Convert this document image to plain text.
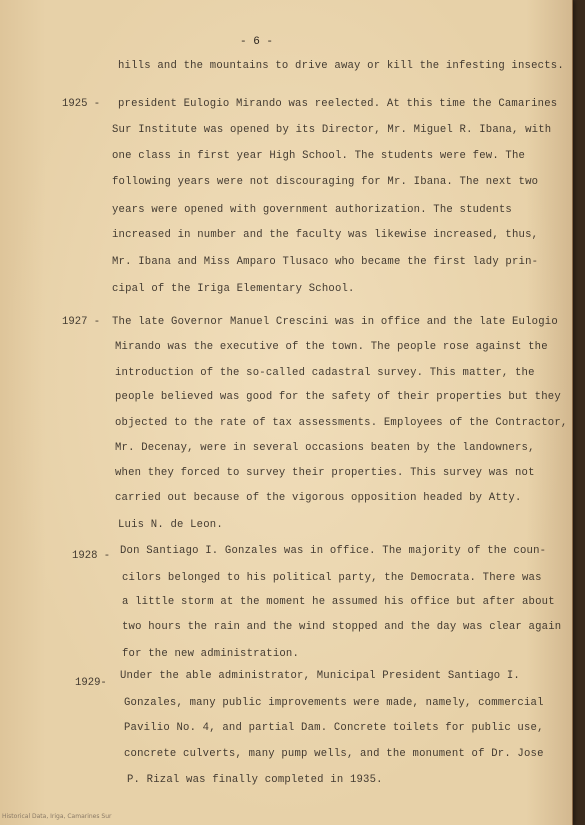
- 6 -
hills and the mountains to drive away or kill the infesting insects.
1925 - president Eulogio Mirando was reelected. At this time the Camarines
Sur Institute was opened by its Director, Mr. Miguel R. Ibana, with
one class in first year High School. The students were few. The
following years were not discouraging for Mr. Ibana. The next two
years were opened with government authorization. The students
increased in number and the faculty was likewise increased, thus,
Mr. Ibana and Miss Amparo Tlusaco who became the first lady prin-
cipal of the Iriga Elementary School.
1927 - The late Governor Manuel Crescini was in office and the late Eulogio
Mirando was the executive of the town. The people rose against the
introduction of the so-called cadastral survey. This matter, the
people believed was good for the safety of their properties but they
objected to the rate of tax assessments. Employees of the Contractor,
Mr. Decenay, were in several occasions beaten by the landowners,
when they forced to survey their properties. This survey was not
carried out because of the vigorous opposition headed by Atty.
Luis N. de Leon.
1928 - Don Santiago I. Gonzales was in office. The majority of the coun-
cilors belonged to his political party, the Democrata. There was
a little storm at the moment he assumed his office but after about
two hours the rain and the wind stopped and the day was clear again
for the new administration.
1929-
Under the able administrator, Municipal President Santiago I.
Gonzales, many public improvements were made, namely, commercial
Pavilio No. 4, and partial Dam. Concrete toilets for public use,
concrete culverts, many pump wells, and the monument of Dr. Jose
P. Rizal was finally completed in 1935.
Historical Data, Iriga, Camarines Sur
